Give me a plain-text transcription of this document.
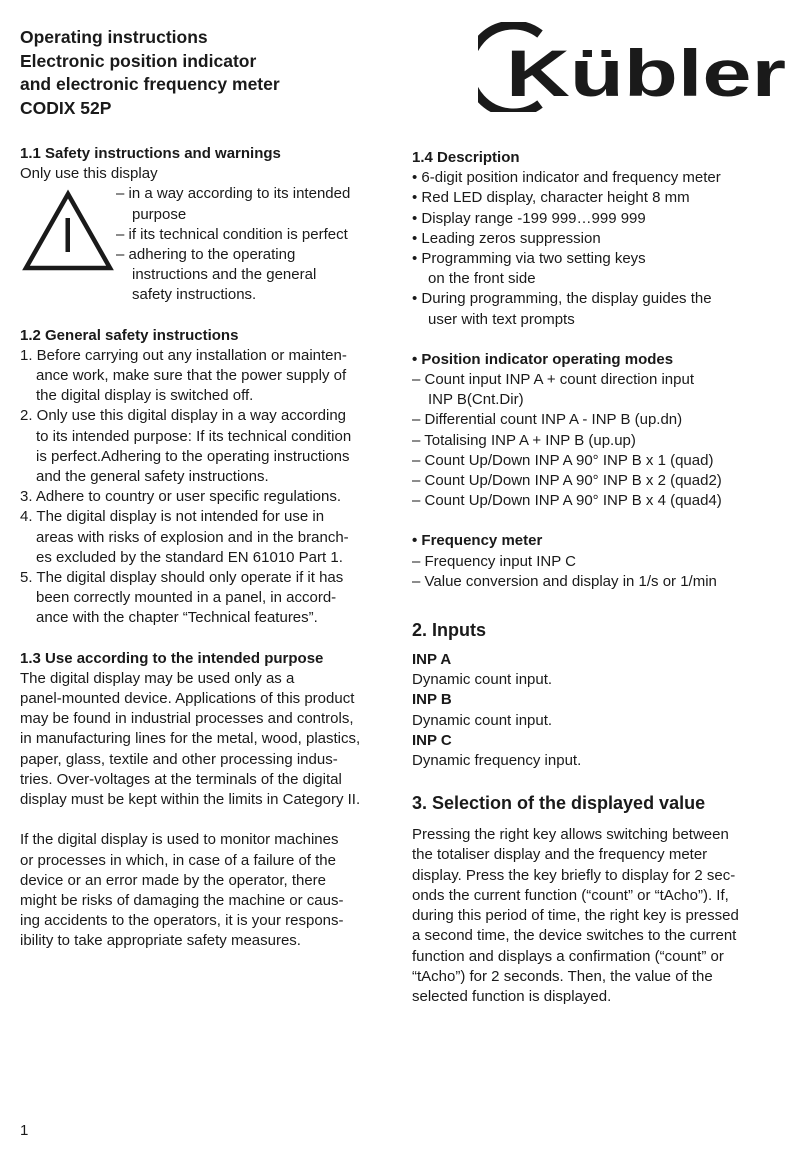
Operating instructions
Electronic position indicator
and electronic frequency meter
CODIX 52P	Kübler
1.1 Safety instructions and warnings
Only use this display
– in a way according to its intended
purpose
– if its technical condition is perfect
– adhering to the operating
instructions and the general
safety instructions.
1.2 General safety instructions
1. Before carrying out any installation or mainten-
ance work, make sure that the power supply of
the digital display is switched off.
2. Only use this digital display in a way according
to its intended purpose: If its technical condition
is perfect.Adhering to the operating instructions
and the general safety instructions.
3. Adhere to country or user specific regulations.
4. The digital display is not intended for use in
areas with risks of explosion and in the branch-
es excluded by the standard EN 61010 Part 1.
5. The digital display should only operate if it has
been correctly mounted in a panel, in accord-
ance with the chapter “Technical features”.
1.3 Use according to the intended purpose
The digital display may be used only as a
panel-mounted device. Applications of this product
may be found in industrial processes and controls,
in manufacturing lines for the metal, wood, plastics,
paper, glass, textile and other processing indus-
tries. Over-voltages at the terminals of the digital
display must be kept within the limits in Category II.
If the digital display is used to monitor machines
or processes in which, in case of a failure of the
device or an error made by the operator, there
might be risks of damaging the machine or caus-
ing accidents to the operators, it is your respons-
ibility to take appropriate safety measures.
1.4 Description
• 6-digit position indicator and frequency meter
• Red LED display, character height 8 mm
• Display range -199 999…999 999
• Leading zeros suppression
• Programming via two setting keys
on the front side
• During programming, the display guides the
user with text prompts
• Position indicator operating modes
– Count input INP A + count direction input
INP B(Cnt.Dir)
– Differential count INP A - INP B (up.dn)
– Totalising INP A + INP B (up.up)
– Count Up/Down INP A 90° INP B x 1 (quad)
– Count Up/Down INP A 90° INP B x 2 (quad2)
– Count Up/Down INP A 90° INP B x 4 (quad4)
• Frequency meter
– Frequency input INP C
– Value conversion and display in 1/s or 1/min
2. Inputs
INP A
Dynamic count input.
INP B
Dynamic count input.
INP C
Dynamic frequency input.
3. Selection of the displayed value
Pressing the right key allows switching between
the totaliser display and the frequency meter
display. Press the key briefly to display for 2 sec-
onds the current function (“count” or “tAcho”). If,
during this period of time, the right key is pressed
a second time, the device switches to the current
function and displays a confirmation (“count” or
“tAcho”) for 2 seconds. Then, the value of the
selected function is displayed.
1
